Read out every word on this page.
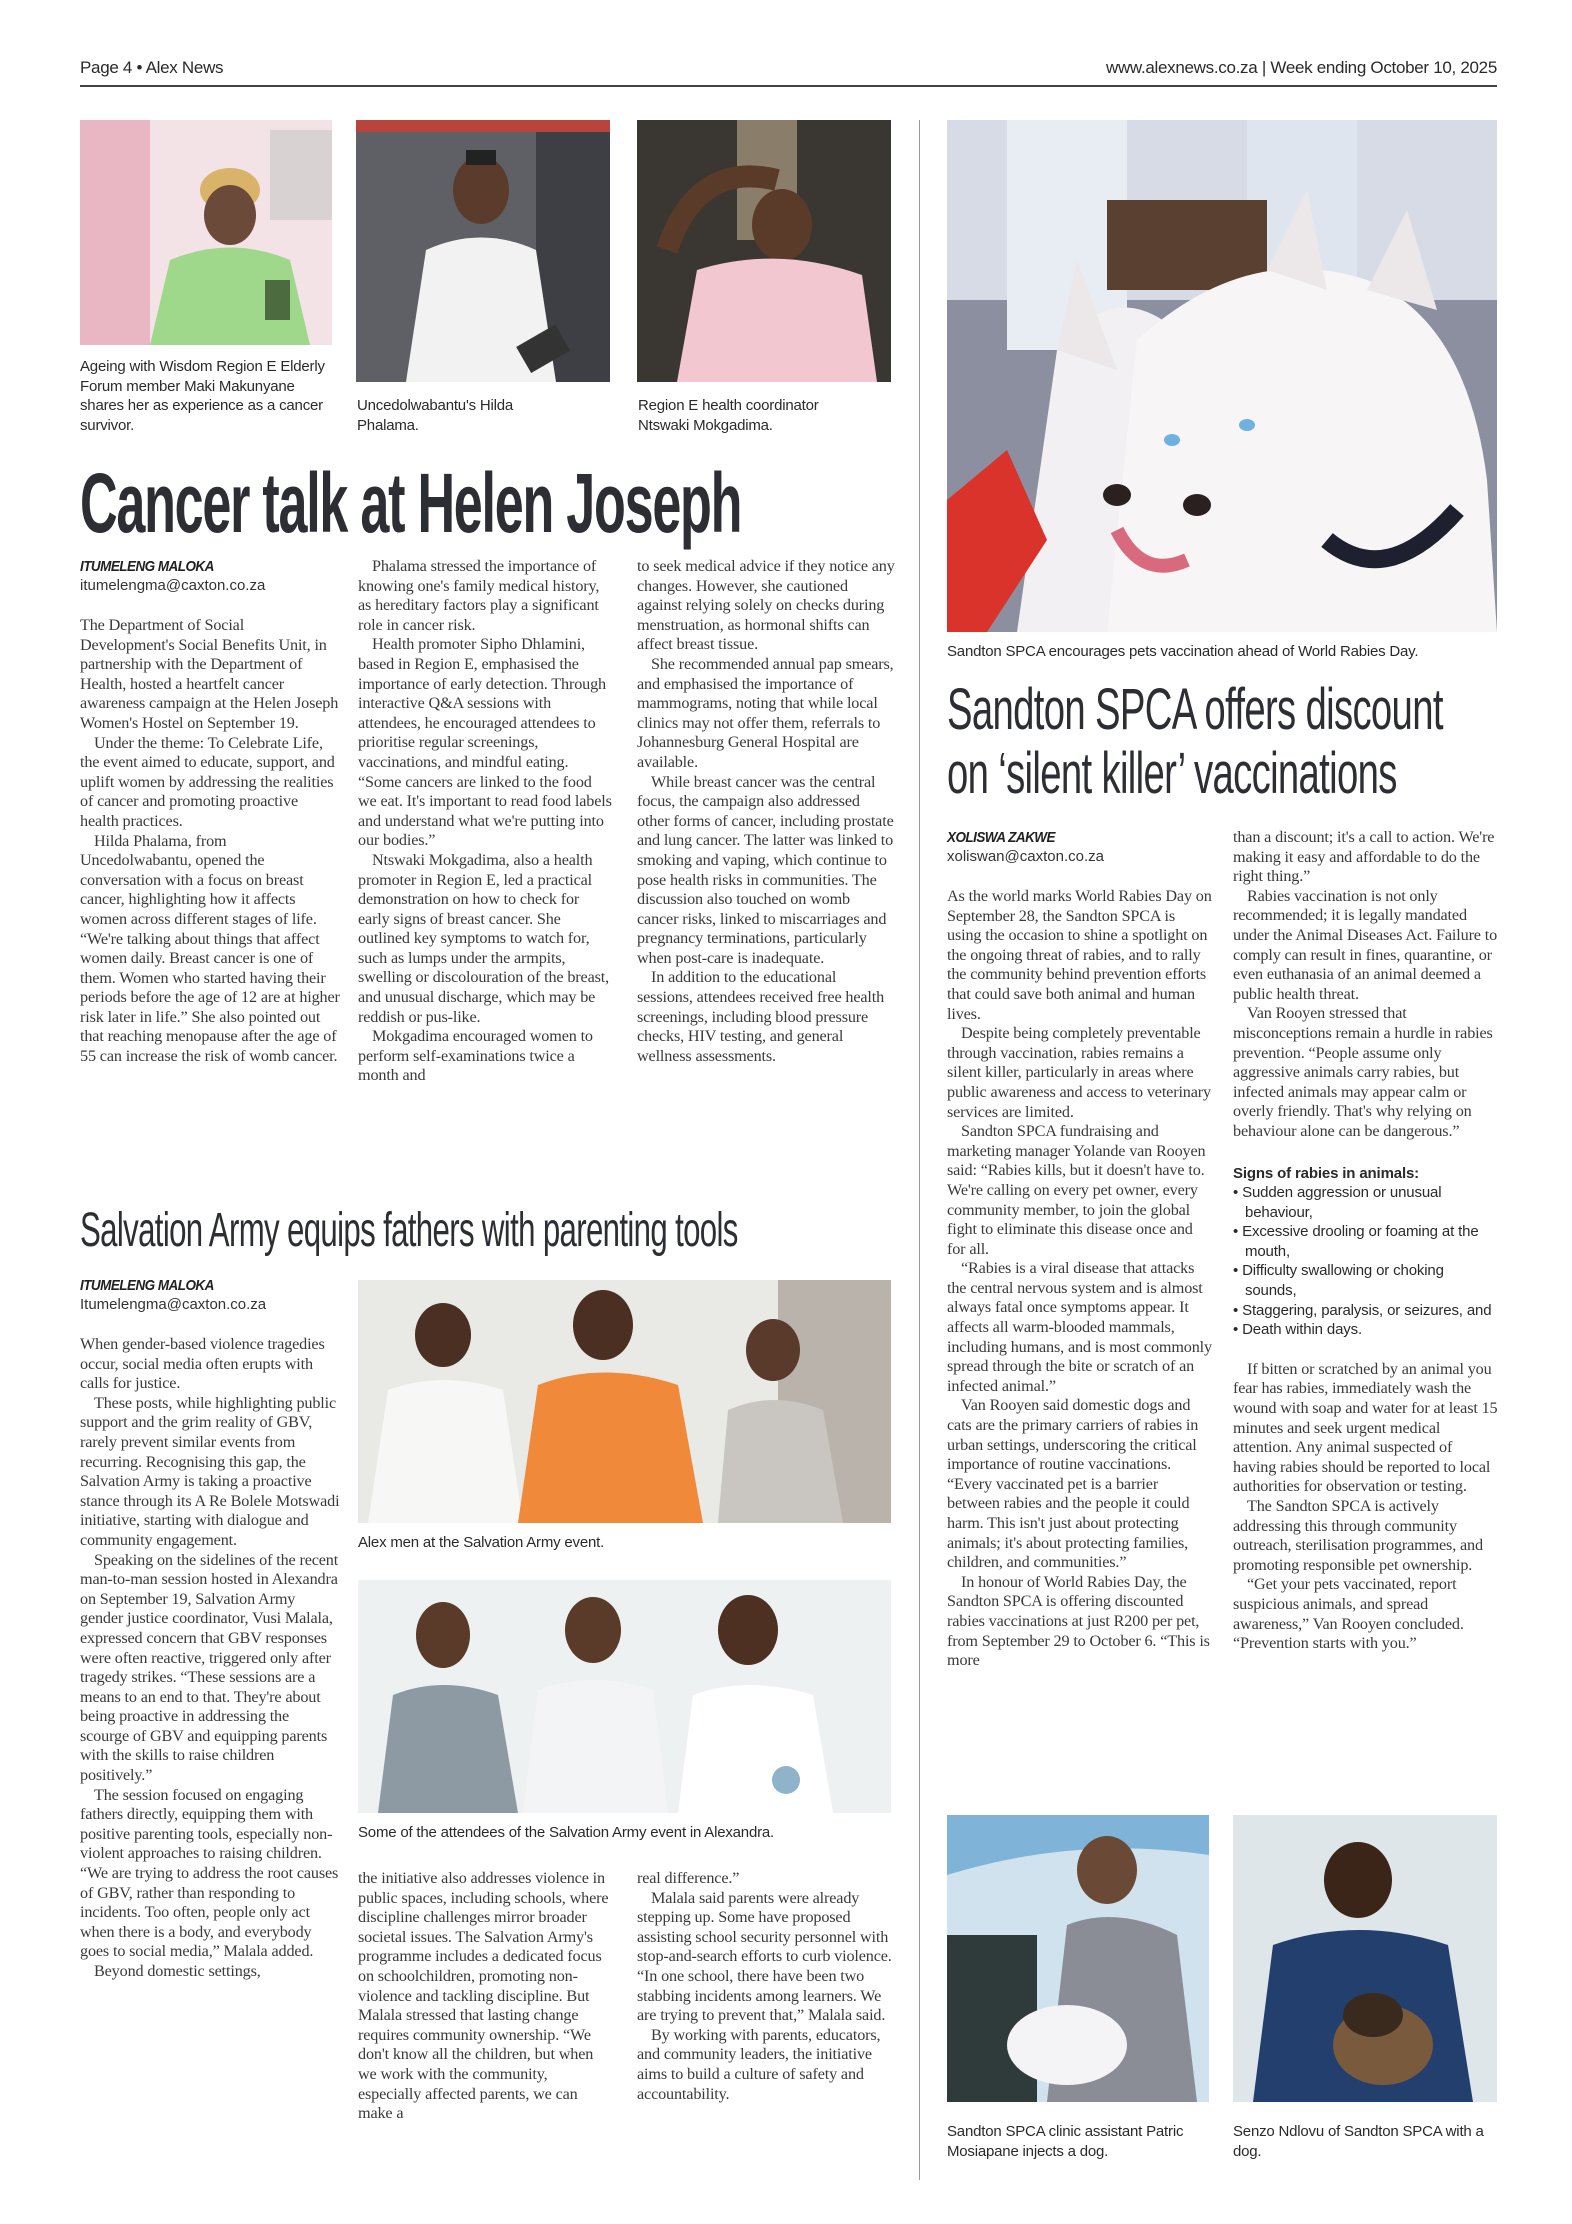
Page 4 • Alex News	www.alexnews.co.za | Week ending October 10, 2025
Ageing with Wisdom Region E Elderly Forum member Maki Makunyane shares her as experience as a cancer survivor.
Uncedolwabantu's Hilda Phalama.
Region E health coordinator Ntswaki Mokgadima.
Cancer talk at Helen Joseph
ITUMELENG MALOKA
itumelengma@caxton.co.za

The Department of Social Development's Social Benefits Unit, in partnership with the Department of Health, hosted a heartfelt cancer awareness campaign at the Helen Joseph Women's Hostel on September 19.

Under the theme: To Celebrate Life, the event aimed to educate, support, and uplift women by addressing the realities of cancer and promoting proactive health practices.

Hilda Phalama, from Uncedolwabantu, opened the conversation with a focus on breast cancer, highlighting how it affects women across different stages of life. “We're talking about things that affect women daily. Breast cancer is one of them. Women who started having their periods before the age of 12 are at higher risk later in life.” She also pointed out that reaching menopause after the age of 55 can increase the risk of womb cancer.

Phalama stressed the importance of knowing one's family medical history, as hereditary factors play a significant role in cancer risk.

Health promoter Sipho Dhlamini, based in Region E, emphasised the importance of early detection. Through interactive Q&A sessions with attendees, he encouraged attendees to prioritise regular screenings, vaccinations, and mindful eating. “Some cancers are linked to the food we eat. It's important to read food labels and understand what we're putting into our bodies.”

Ntswaki Mokgadima, also a health promoter in Region E, led a practical demonstration on how to check for early signs of breast cancer. She outlined key symptoms to watch for, such as lumps under the armpits, swelling or discolouration of the breast, and unusual discharge, which may be reddish or pus-like.

Mokgadima encouraged women to perform self-examinations twice a month and

to seek medical advice if they notice any changes. However, she cautioned against relying solely on checks during menstruation, as hormonal shifts can affect breast tissue.

She recommended annual pap smears, and emphasised the importance of mammograms, noting that while local clinics may not offer them, referrals to Johannesburg General Hospital are available.

While breast cancer was the central focus, the campaign also addressed other forms of cancer, including prostate and lung cancer. The latter was linked to smoking and vaping, which continue to pose health risks in communities. The discussion also touched on womb cancer risks, linked to miscarriages and pregnancy terminations, particularly when post-care is inadequate.

In addition to the educational sessions, attendees received free health screenings, including blood pressure checks, HIV testing, and general wellness assessments.

Salvation Army equips fathers with parenting tools
ITUMELENG MALOKA
Itumelengma@caxton.co.za

When gender-based violence tragedies occur, social media often erupts with calls for justice.

These posts, while highlighting public support and the grim reality of GBV, rarely prevent similar events from recurring. Recognising this gap, the Salvation Army is taking a proactive stance through its A Re Bolele Motswadi initiative, starting with dialogue and community engagement.

Speaking on the sidelines of the recent man-to-man session hosted in Alexandra on September 19, Salvation Army gender justice coordinator, Vusi Malala, expressed concern that GBV responses were often reactive, triggered only after tragedy strikes. “These sessions are a means to an end to that. They're about being proactive in addressing the scourge of GBV and equipping parents with the skills to raise children positively.”

The session focused on engaging fathers directly, equipping them with positive parenting tools, especially non-violent approaches to raising children. “We are trying to address the root causes of GBV, rather than responding to incidents. Too often, people only act when there is a body, and everybody goes to social media,” Malala added.

Beyond domestic settings,

Alex men at the Salvation Army event.
Some of the attendees of the Salvation Army event in Alexandra.

the initiative also addresses violence in public spaces, including schools, where discipline challenges mirror broader societal issues. The Salvation Army's programme includes a dedicated focus on schoolchildren, promoting non-violence and tackling discipline. But Malala stressed that lasting change requires community ownership. “We don't know all the children, but when we work with the community, especially affected parents, we can make a

real difference.”

Malala said parents were already stepping up. Some have proposed assisting school security personnel with stop-and-search efforts to curb violence. “In one school, there have been two stabbing incidents among learners. We are trying to prevent that,” Malala said.

By working with parents, educators, and community leaders, the initiative aims to build a culture of safety and accountability.

Sandton SPCA encourages pets vaccination ahead of World Rabies Day.
Sandton SPCA offers discount
on ‘silent killer’ vaccinations
XOLISWA ZAKWE
xoliswan@caxton.co.za

As the world marks World Rabies Day on September 28, the Sandton SPCA is using the occasion to shine a spotlight on the ongoing threat of rabies, and to rally the community behind prevention efforts that could save both animal and human lives.

Despite being completely preventable through vaccination, rabies remains a silent killer, particularly in areas where public awareness and access to veterinary services are limited.

Sandton SPCA fundraising and marketing manager Yolande van Rooyen said: “Rabies kills, but it doesn't have to. We're calling on every pet owner, every community member, to join the global fight to eliminate this disease once and for all.

“Rabies is a viral disease that attacks the central nervous system and is almost always fatal once symptoms appear. It affects all warm-blooded mammals, including humans, and is most commonly spread through the bite or scratch of an infected animal.”

Van Rooyen said domestic dogs and cats are the primary carriers of rabies in urban settings, underscoring the critical importance of routine vaccinations. “Every vaccinated pet is a barrier between rabies and the people it could harm. This isn't just about protecting animals; it's about protecting families, children, and communities.”

In honour of World Rabies Day, the Sandton SPCA is offering discounted rabies vaccinations at just R200 per pet, from September 29 to October 6. “This is more

than a discount; it's a call to action. We're making it easy and affordable to do the right thing.”

Rabies vaccination is not only recommended; it is legally mandated under the Animal Diseases Act. Failure to comply can result in fines, quarantine, or even euthanasia of an animal deemed a public health threat.

Van Rooyen stressed that misconceptions remain a hurdle in rabies prevention. “People assume only aggressive animals carry rabies, but infected animals may appear calm or overly friendly. That's why relying on behaviour alone can be dangerous.”

Signs of rabies in animals:
• Sudden aggression or unusual behaviour,
• Excessive drooling or foaming at the mouth,
• Difficulty swallowing or choking sounds,
• Staggering, paralysis, or seizures, and
• Death within days.

If bitten or scratched by an animal you fear has rabies, immediately wash the wound with soap and water for at least 15 minutes and seek urgent medical attention. Any animal suspected of having rabies should be reported to local authorities for observation or testing.

The Sandton SPCA is actively addressing this through community outreach, sterilisation programmes, and promoting responsible pet ownership.

“Get your pets vaccinated, report suspicious animals, and spread awareness,” Van Rooyen concluded. “Prevention starts with you.”

Sandton SPCA clinic assistant Patric Mosiapane injects a dog.
Senzo Ndlovu of Sandton SPCA with a dog.
